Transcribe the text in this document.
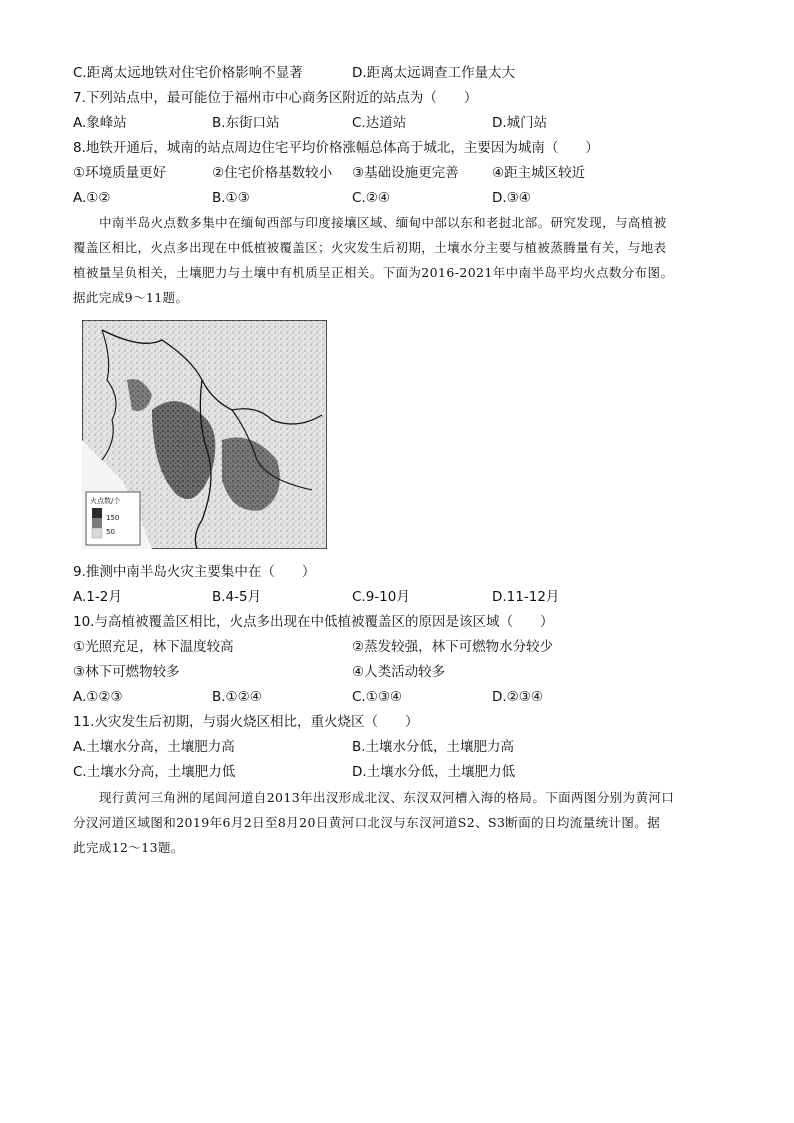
C.距离太远地铁对住宅价格影响不显著	D.距离太远调查工作量太大
7.下列站点中，最可能位于福州市中心商务区附近的站点为（　　）
A.象峰站	B.东街口站	C.达道站	D.城门站
8.地铁开通后，城南的站点周边住宅平均价格涨幅总体高于城北，主要因为城南（　　）
①环境质量更好	②住宅价格基数较小 ③基础设施更完善 ④距主城区较近
A.①②	B.①③	C.②④	D.③④
中南半岛火点数多集中在缅甸西部与印度接壤区域、缅甸中部以东和老挝北部。研究发现，与高植被
覆盖区相比，火点多出现在中低植被覆盖区；火灾发生后初期，土壤水分主要与植被蒸腾量有关，与地表
植被量呈负相关，土壤肥力与土壤中有机质呈正相关。下面为2016-2021年中南半岛平均火点数分布图。
据此完成9～11题。
火点数/个
150
50
9.推测中南半岛火灾主要集中在（　　）
A.1-2月	B.4-5月	C.9-10月	D.11-12月
10.与高植被覆盖区相比，火点多出现在中低植被覆盖区的原因是该区域（　　）
①光照充足，林下温度较高	②蒸发较强，林下可燃物水分较少
③林下可燃物较多	④人类活动较多
A.①②③	B.①②④	C.①③④	D.②③④
11.火灾发生后初期，与弱火烧区相比，重火烧区（　　）
A.土壤水分高，土壤肥力高	B.土壤水分低，土壤肥力高
C.土壤水分高，土壤肥力低	D.土壤水分低，土壤肥力低
现行黄河三角洲的尾闾河道自2013年出汊形成北汊、东汊双河槽入海的格局。下面两图分别为黄河口
分汊河道区域图和2019年6月2日至8月20日黄河口北汊与东汊河道S2、S3断面的日均流量统计图。据
此完成12～13题。
